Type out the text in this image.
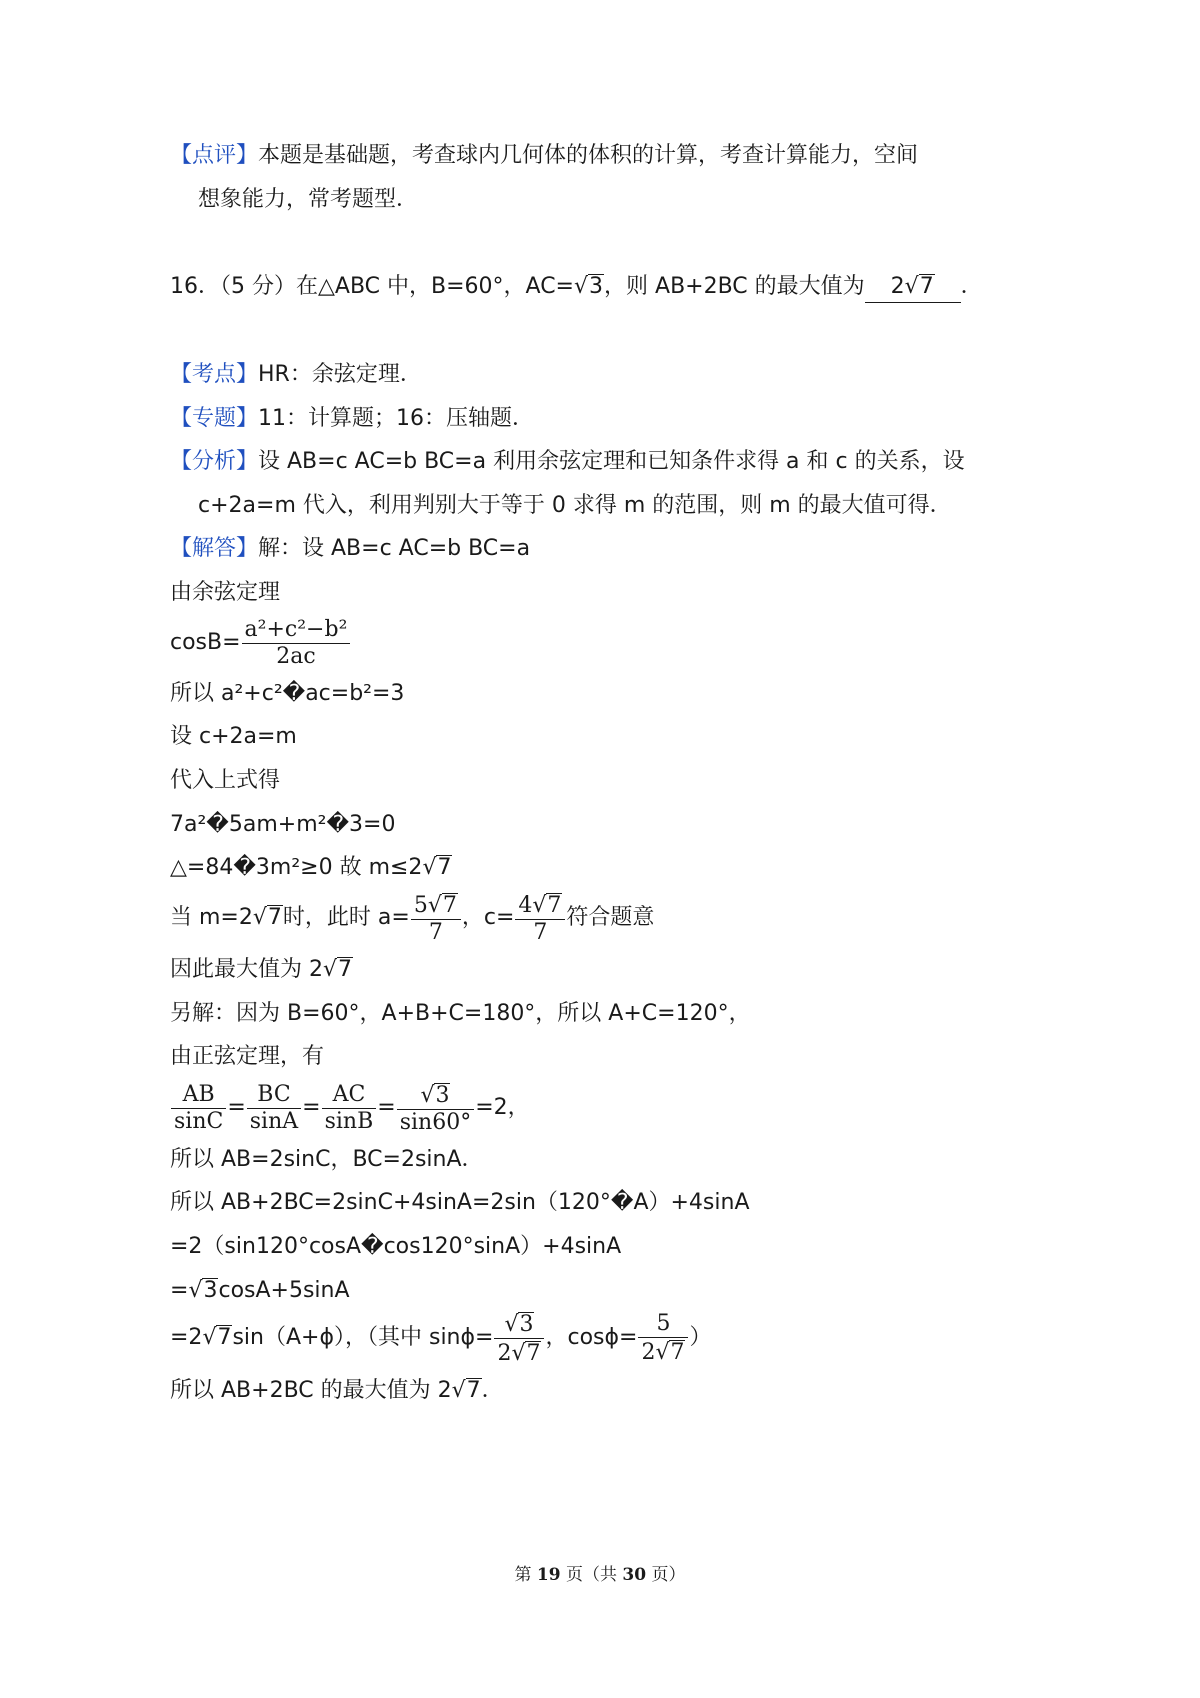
【点评】本题是基础题，考查球内几何体的体积的计算，考查计算能力，空间
想象能力，常考题型．
16．（5 分）在△ABC 中，B=60°，AC=√3，则 AB+2BC 的最大值为 2√7 ．
【考点】HR：余弦定理．
【专题】11：计算题；16：压轴题．
【分析】设 AB=c AC=b BC=a 利用余弦定理和已知条件求得 a 和 c 的关系，设
c+2a=m 代入，利用判别大于等于 0 求得 m 的范围，则 m 的最大值可得．
【解答】解：设 AB=c AC=b BC=a
由余弦定理
$\cos B= \frac{\text{a²+c²−b²}}{2ac}$
所以 a²+c²�ac=b²=3
设 c+2a=m
代入上式得
7a²�5am+m²�3=0
△=84�3m²≥0 故 m≤2√7
当 m=2√7时，此时 $a= \frac{5√7}{7}$ ，$c= \frac{4√7}{7}$ 符合题意
因此最大值为 2√7
另解：因为 B=60°，A+B+C=180°，所以 A+C=120°，
由正弦定理，有
$\frac{AB}{\sin C} = \frac{BC}{\sin A} = \frac{AC}{\sin B} = \frac{√3}{\sin 60^\circ} =2$，
所以 AB=2sinC，BC=2sinA．
所以 AB+2BC=2sinC+4sinA=2sin（120°�A）+4sinA
=2（sin120°cosA�cos120°sinA）+4sinA
=√3cosA+5sinA
=2√7sin（A+ϕ），（其中 $\sin\phi= \frac{√3}{2√7}$ ，$\cos\phi= \frac{5}{2√7}$ ）
所以 AB+2BC 的最大值为 2√7．
第 19 页（共 30 页）
